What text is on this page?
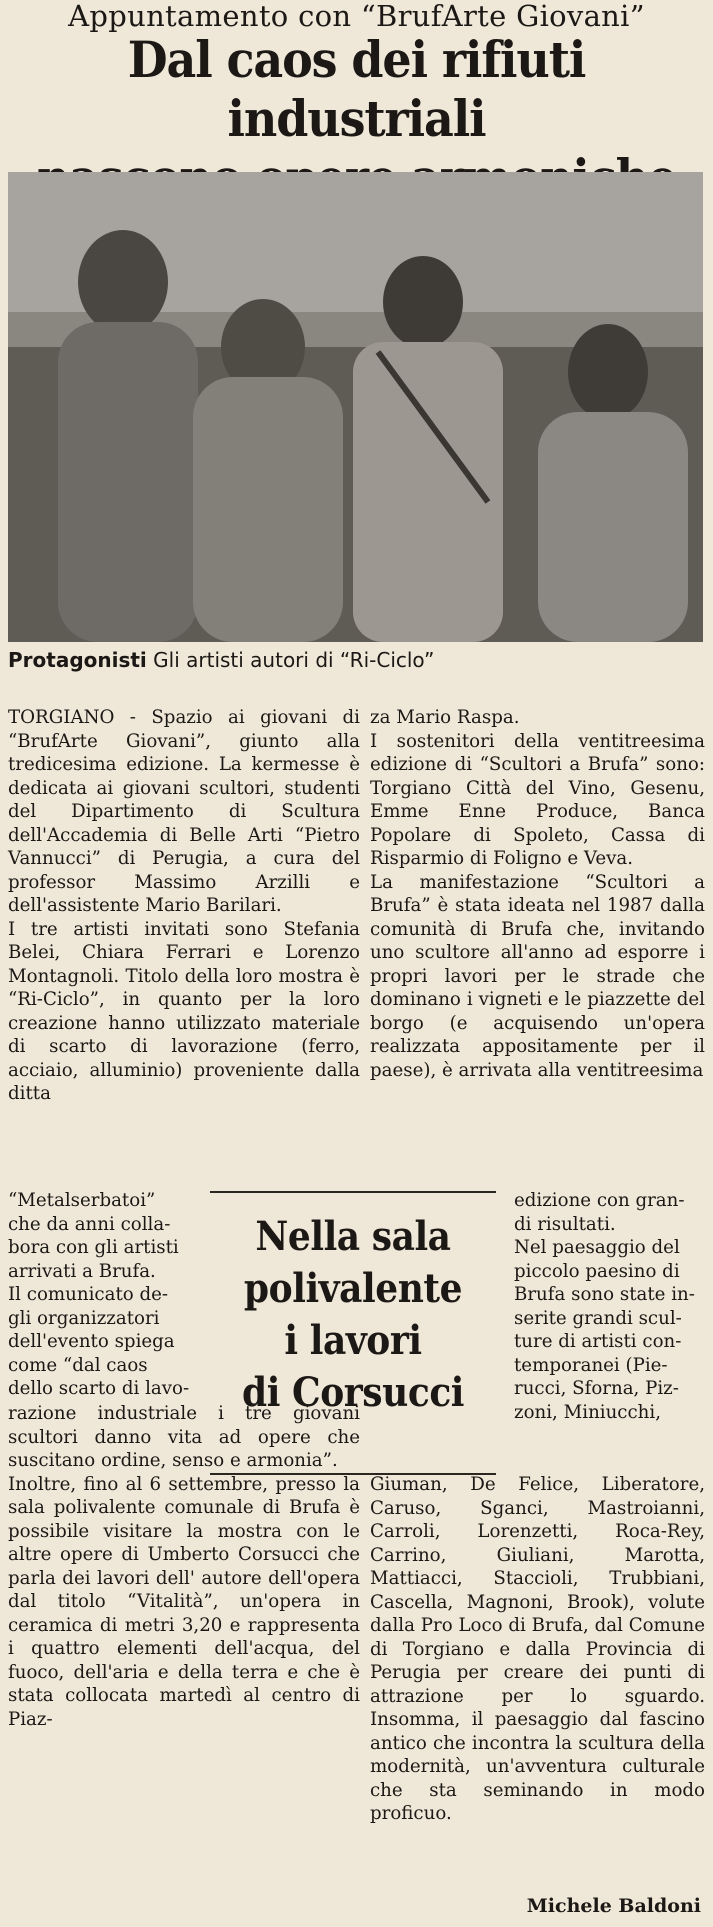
Appuntamento con “BrufArte Giovani”
Dal caos dei rifiuti industriali
Protagonisti Gli artisti autori di “Ri-Ciclo”

TORGIANO - Spazio ai giovani di “BrufArte Giovani”, giunto alla tredicesima edizione. La kermesse è dedicata ai giovani scultori, studenti del Dipartimento di Scultura dell'Accademia di Belle Arti “Pietro Vannucci” di Perugia, a cura del professor Massimo Arzilli e dell'assistente Mario Barilari.

I tre artisti invitati sono Stefania Belei, Chiara Ferrari e Lorenzo Montagnoli. Titolo della loro mostra è “Ri-Ciclo”, in quanto per la loro creazione hanno utilizzato materiale di scarto di lavorazione (ferro, acciaio, alluminio) proveniente dalla ditta

“Metalserbatoi”
che da anni colla-
bora con gli artisti
arrivati a Brufa.
Il comunicato de-
gli organizzatori
dell'evento spiega
come “dal caos
dello scarto di lavo-

razione industriale i tre giovani scultori danno vita ad opere che suscitano ordine, senso e armonia”.

Inoltre, fino al 6 settembre, presso la sala polivalente comunale di Brufa è possibile visitare la mostra con le altre opere di Umberto Corsucci che parla dei lavori dell' autore dell'opera dal titolo “Vitalità”, un'opera in ceramica di metri 3,20 e rappresenta i quattro elementi dell'acqua, del fuoco, dell'aria e della terra e che è stata collocata martedì al centro di Piaz-

za Mario Raspa.

I sostenitori della ventitreesima edizione di “Scultori a Brufa” sono: Torgiano Città del Vino, Gesenu, Emme Enne Produce, Banca Popolare di Spoleto, Cassa di Risparmio di Foligno e Veva.

La manifestazione “Scultori a Brufa” è stata ideata nel 1987 dalla comunità di Brufa che, invitando uno scultore all'anno ad esporre i propri lavori per le strade che dominano i vigneti e le piazzette del borgo (e acquisendo un'opera realizzata appositamente per il paese), è arrivata alla ventitreesima

edizione con gran-
di risultati.
Nel paesaggio del
piccolo paesino di
Brufa sono state in-
serite grandi scul-
ture di artisti con-
temporanei (Pie-
rucci, Sforna, Piz-
zoni, Miniucchi,

Giuman, De Felice, Liberatore, Caruso, Sganci, Mastroianni, Carroli, Lorenzetti, Roca-Rey, Carrino, Giuliani, Marotta, Mattiacci, Staccioli, Trubbiani, Cascella, Magnoni, Brook), volute dalla Pro Loco di Brufa, dal Comune di Torgiano e dalla Provincia di Perugia per creare dei punti di attrazione per lo sguardo. Insomma, il paesaggio dal fascino antico che incontra la scultura della modernità, un'avventura culturale che sta seminando in modo proficuo.

Nella sala
polivalente
i lavori
di Corsucci
Michele Baldoni
